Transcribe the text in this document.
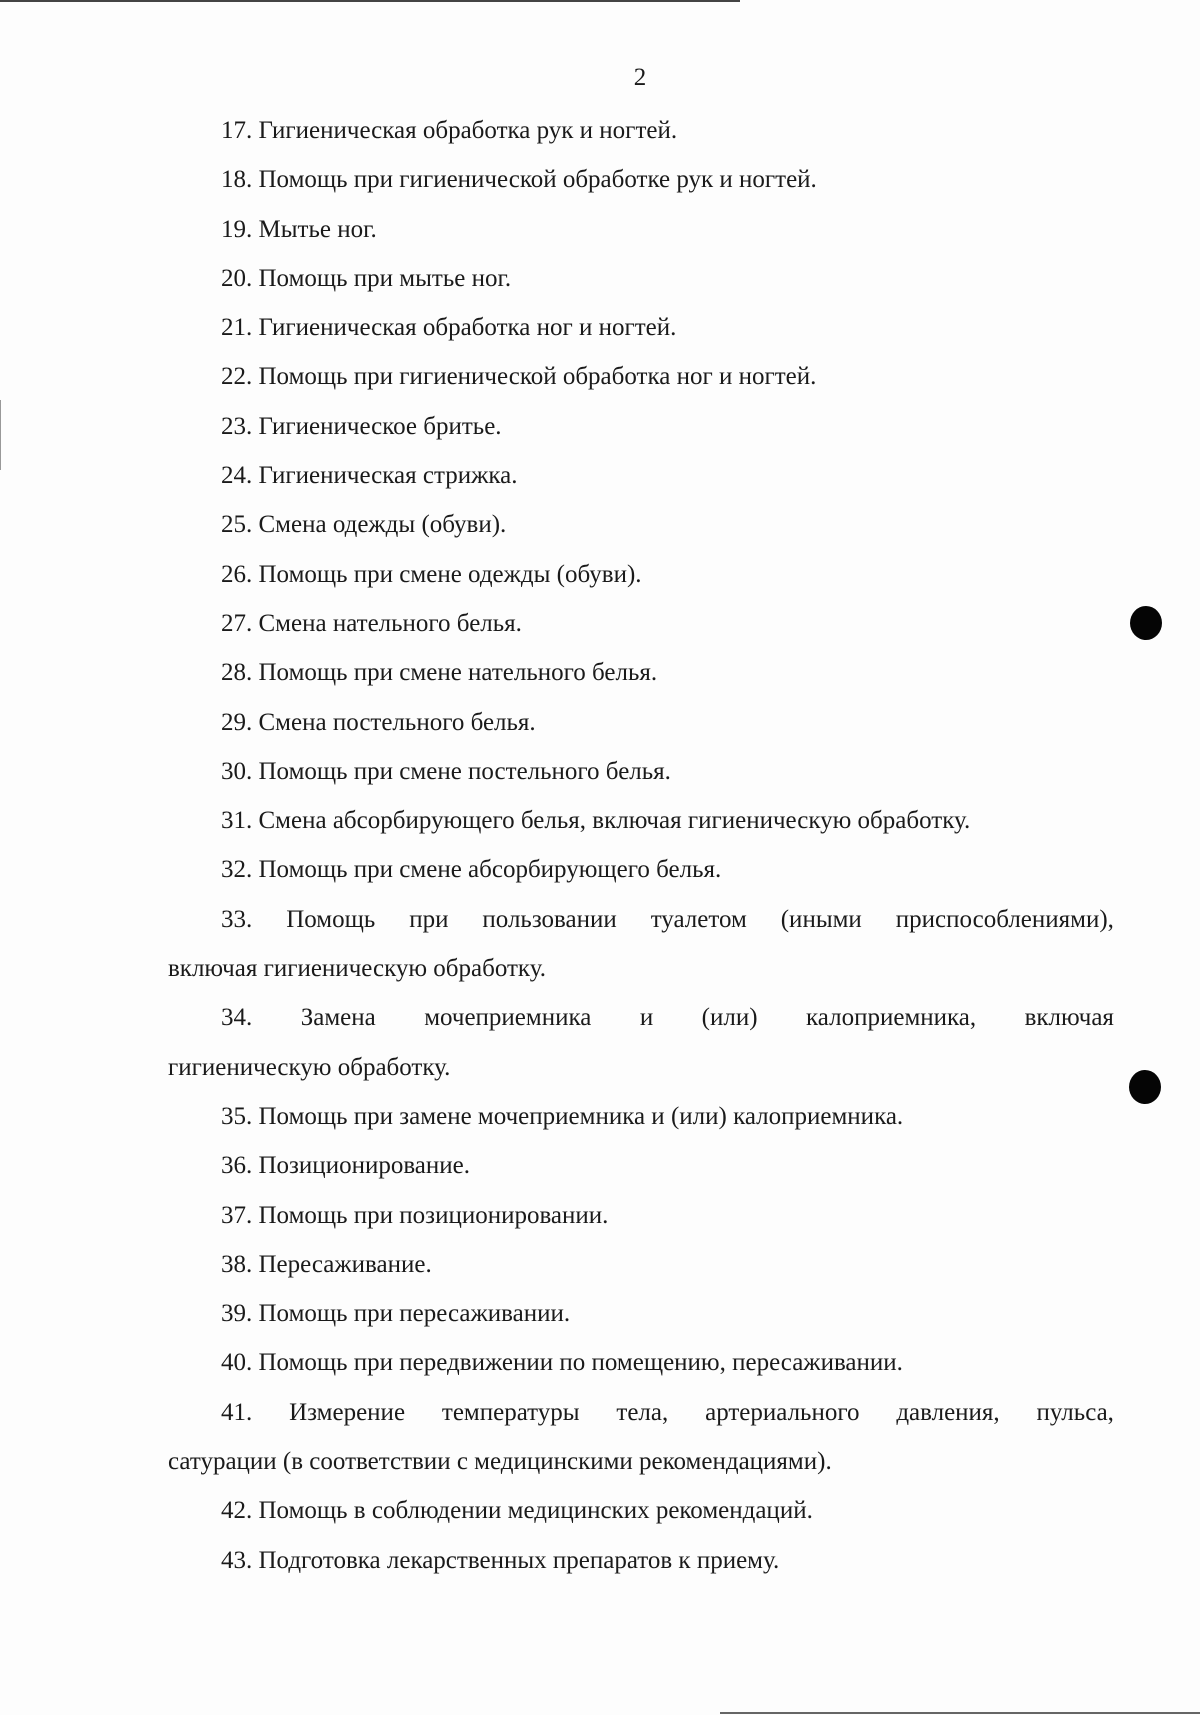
2
17. Гигиеническая обработка рук и ногтей.
18. Помощь при гигиенической обработке рук и ногтей.
19. Мытье ног.
20. Помощь при мытье ног.
21. Гигиеническая обработка ног и ногтей.
22. Помощь при гигиенической обработка ног и ногтей.
23. Гигиеническое бритье.
24. Гигиеническая стрижка.
25. Смена одежды (обуви).
26. Помощь при смене одежды (обуви).
27. Смена нательного белья.
28. Помощь при смене нательного белья.
29. Смена постельного белья.
30. Помощь при смене постельного белья.
31. Смена абсорбирующего белья, включая гигиеническую обработку.
32. Помощь при смене абсорбирующего белья.
33. Помощь при пользовании туалетом (иными приспособлениями),
включая гигиеническую обработку.
34. Замена мочеприемника и (или) калоприемника, включая
гигиеническую обработку.
35. Помощь при замене мочеприемника и (или) калоприемника.
36. Позиционирование.
37. Помощь при позиционировании.
38. Пересаживание.
39. Помощь при пересаживании.
40. Помощь при передвижении по помещению, пересаживании.
41. Измерение температуры тела, артериального давления, пульса,
сатурации (в соответствии с медицинскими рекомендациями).
42. Помощь в соблюдении медицинских рекомендаций.
43. Подготовка лекарственных препаратов к приему.
